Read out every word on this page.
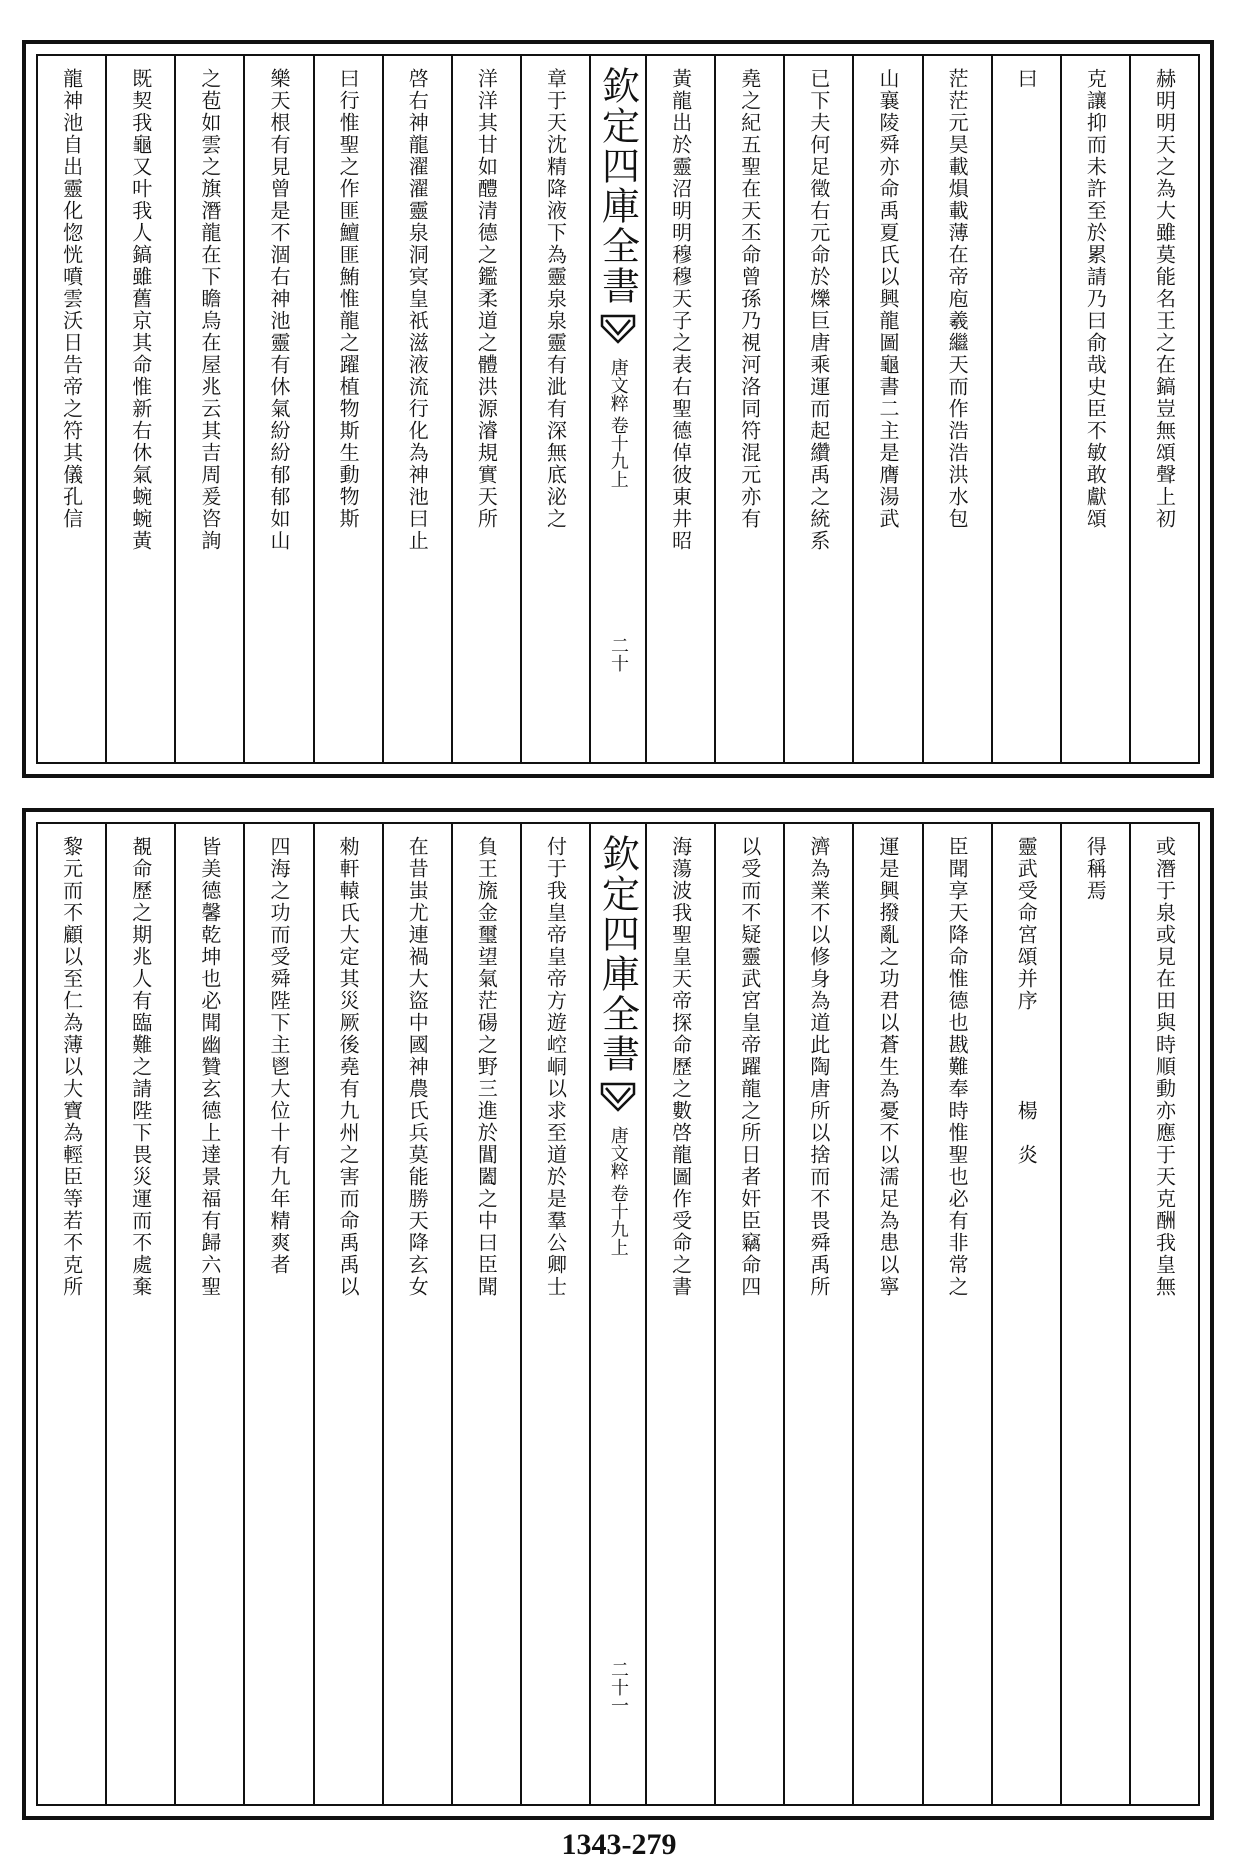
赫明明天之為大雖莫能名王之在鎬豈無頌聲上初
克讓抑而未許至於累請乃曰俞哉史臣不敏敢獻頌
曰
茫茫元昊載熉載薄在帝庖羲繼天而作浩浩洪水包
山襄陵舜亦命禹夏氏以興龍圖龜書二主是膺湯武
已下夫何足徵右元命於爍巨唐乘運而起纘禹之統系
堯之紀五聖在天丕命曾孫乃視河洛同符混元亦有
黃龍出於靈沼明明穆穆天子之表右聖德倬彼東井昭
欽定四庫全書
唐文粹
卷十九上
二十
章于天沈精降液下為靈泉泉靈有泚有深無底泌之
洋洋其甘如醴清德之鑑柔道之體洪源濬規實天所
啓右神龍濯濯靈泉洞㝠皇祇滋液流行化為神池曰止
曰行惟聖之作匪鱣匪鮪惟龍之躍植物斯生動物斯
樂天根有見曾是不涸右神池靈有休氣紛紛郁郁如山
之苞如雲之旗潛龍在下瞻烏在屋兆云其吉周爰咨詢
既契我龜又叶我人鎬雖舊京其命惟新右休氣蜿蜿黃
龍神池自出靈化惚恍噴雲沃日告帝之符其儀孔信
或潛于泉或見在田與時順動亦應于天克酬我皇無
得稱焉
靈武受命宮頌并序　　　　楊　炎
臣聞享天降命惟德也戡難奉時惟聖也必有非常之
運是興撥亂之功君以蒼生為憂不以濡足為患以寧
濟為業不以修身為道此陶唐所以捨而不畏舜禹所
以受而不疑靈武宮皇帝躍龍之所日者奸臣竊命四
海蕩波我聖皇天帝探命歷之數啓龍圖作受命之書
欽定四庫全書
唐文粹
卷十九上
二十一
付于我皇帝皇帝方遊崆峒以求至道於是羣公卿士
負王旒金璽望氣茫碭之野三進於閶闔之中曰臣聞
在昔蚩尤連禍大盜中國神農氏兵莫能勝天降玄女
勑軒轅氏大定其災厥後堯有九州之害而命禹禹以
四海之功而受舜陛下主鬯大位十有九年精爽者
皆美德馨乾坤也必聞幽贊玄德上達景福有歸六聖
覩命歷之期兆人有臨難之請陛下畏災運而不處棄
黎元而不顧以至仁為薄以大寶為輕臣等若不克所
1343-279
